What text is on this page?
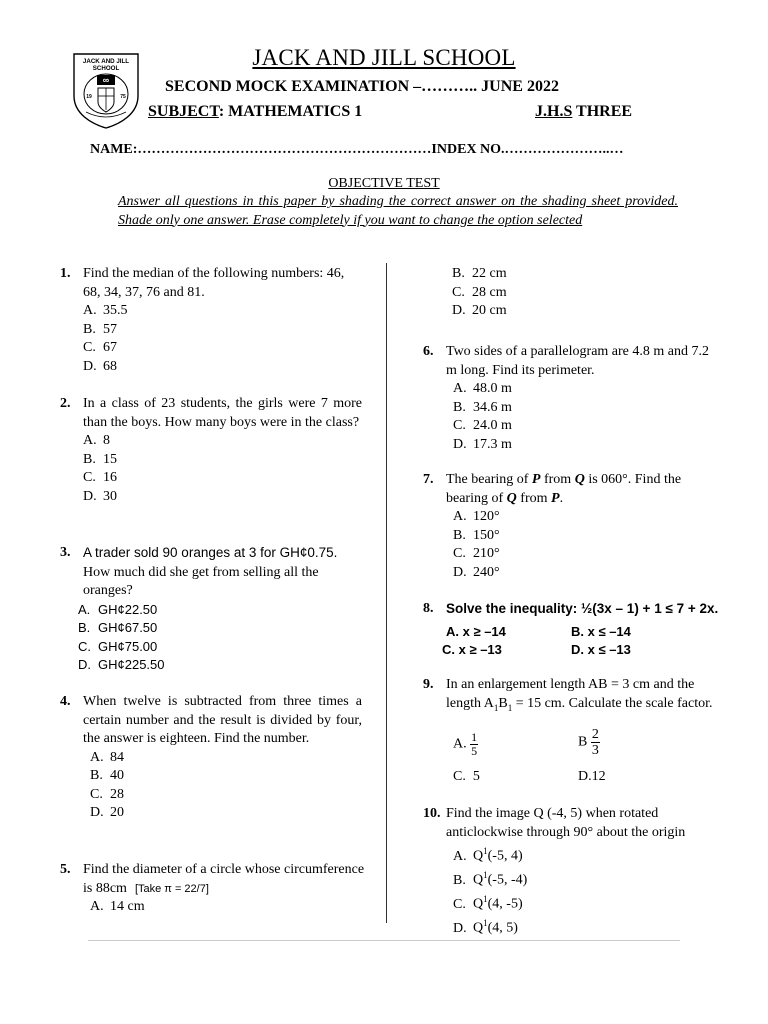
JACK AND JILL
SCHOOL
∞
19	75
JACK AND JILL SCHOOL
SECOND MOCK EXAMINATION –……….. JUNE 2022
SUBJECT: MATHEMATICS 1	J.H.S THREE
NAME:………………………………………………………INDEX NO.…………………..…
OBJECTIVE TEST
Answer all questions in this paper by shading the correct answer on the shading sheet provided. Shade only one answer. Erase completely if you want to change the option selected
1. Find the median of the following numbers: 46, 68, 34, 37, 76 and 81.
A. 35.5
B. 57
C. 67
D. 68
2. In a class of 23 students, the girls were 7 more than the boys. How many boys were in the class?
A. 8
B. 15
C. 16
D. 30
3. A trader sold 90 oranges at 3 for GH¢0.75. How much did she get from selling all the oranges?
A. GH¢22.50
B. GH¢67.50
C. GH¢75.00
D. GH¢225.50
4. When twelve is subtracted from three times a certain number and the result is divided by four, the answer is eighteen. Find the number.
A. 84
B. 40
C. 28
D. 20
5. Find the diameter of a circle whose circumference is 88cm [Take π = 22/7]
A. 14 cm
B. 22 cm
C. 28 cm
D. 20 cm
6. Two sides of a parallelogram are 4.8 m and 7.2 m long. Find its perimeter.
A. 48.0 m
B. 34.6 m
C. 24.0 m
D. 17.3 m
7. The bearing of P from Q is 060°. Find the bearing of Q from P.
A. 120°
B. 150°
C. 210°
D. 240°
8. Solve the inequality: ½(3x – 1) + 1 ≤ 7 + 2x.
A. x ≥ –14	B. x ≤ –14
C. x ≥ –13	D. x ≤ –13
9. In an enlargement length AB = 3 cm and the length $A_1B_1 = 15$ cm. Calculate the scale factor.
A. $\frac{1}{5}$	B $\frac{2}{3}$
C. 5	D.12
10. Find the image Q (-4, 5) when rotated anticlockwise through 90° about the origin
A. $Q^1(-5$, 4)
B. $Q^1(-5$, -4)
C. $Q^1(4$, -5)
D. $Q^1(4$, 5)
